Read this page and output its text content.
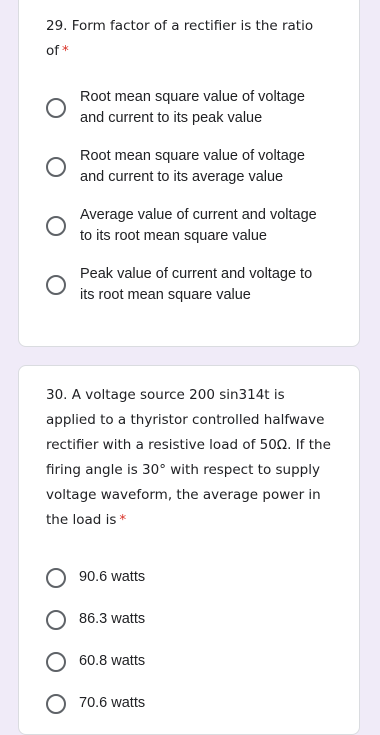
29. Form factor of a rectifier is the ratio of *
Root mean square value of voltage and current to its peak value
Root mean square value of voltage and current to its average value
Average value of current and voltage to its root mean square value
Peak value of current and voltage to its root mean square value
30. A voltage source 200 sin314t is applied to a thyristor controlled halfwave rectifier with a resistive load of 50Ω. If the firing angle is 30° with respect to supply voltage waveform, the average power in the load is *
90.6 watts
86.3 watts
60.8 watts
70.6 watts
